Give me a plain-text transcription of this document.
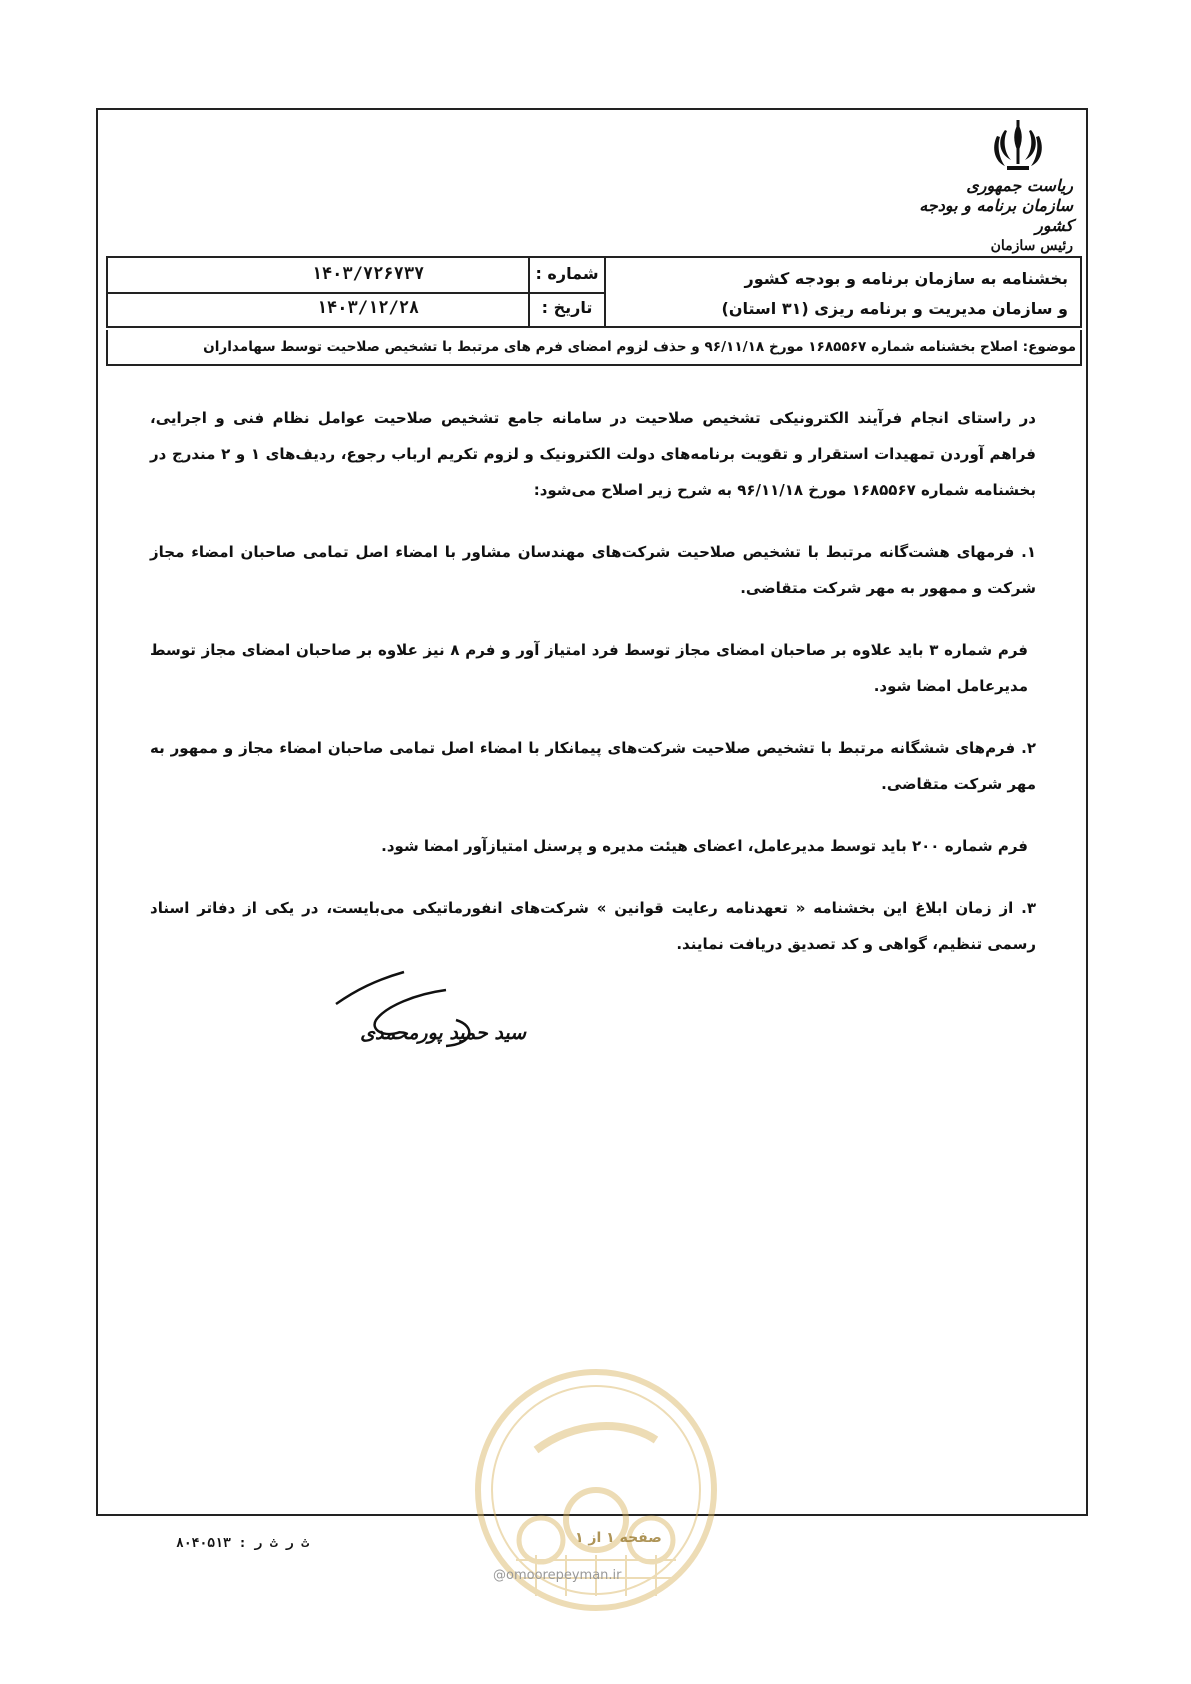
ریاست جمهوری
سازمان برنامه و بودجه کشور
رئیس سازمان
بخشنامه به سازمان برنامه و بودجه کشور
و سازمان مدیریت و برنامه ریزی (۳۱ استان)
شماره :
۱۴۰۳/۷۲۶۷۳۷
تاریخ :
۱۴۰۳/۱۲/۲۸
موضوع: اصلاح بخشنامه شماره ۱۶۸۵۵۶۷ مورخ ۹۶/۱۱/۱۸ و حذف لزوم امضای فرم های مرتبط با تشخیص صلاحیت توسط سهامداران

در راستای انجام فرآیند الکترونیکی تشخیص صلاحیت در سامانه جامع تشخیص صلاحیت عوامل نظام فنی و اجرایی، فراهم آوردن تمهیدات استقرار و تقویت برنامه‌های دولت الکترونیک و لزوم تکریم ارباب رجوع، ردیف‌های ۱ و ۲ مندرج در بخشنامه شماره ۱۶۸۵۵۶۷ مورخ ۹۶/۱۱/۱۸ به شرح زیر اصلاح می‌شود:

۱. فرمهای هشت‌گانه مرتبط با تشخیص صلاحیت شرکت‌های مهندسان مشاور با امضاء اصل تمامی صاحبان امضاء مجاز شرکت و ممهور به مهر شرکت متقاضی.

فرم شماره ۳ باید علاوه بر صاحبان امضای مجاز توسط فرد امتیاز آور و فرم ۸ نیز علاوه بر صاحبان امضای مجاز توسط مدیرعامل امضا شود.

۲. فرم‌های ششگانه مرتبط با تشخیص صلاحیت شرکت‌های پیمانکار با امضاء اصل تمامی صاحبان امضاء مجاز و ممهور به مهر شرکت متقاضی.

فرم شماره ۲۰۰ باید توسط مدیرعامل، اعضای هیئت مدیره و پرسنل امتیازآور امضا شود.

۳. از زمان ابلاغ این بخشنامه « تعهدنامه رعایت قوانین » شرکت‌های انفورماتیکی می‌بایست، در یکی از دفاتر اسناد رسمی تنظیم، گواهی و کد تصدیق دریافت نمایند.

سید حمید پورمحمدی
صفحه ۱ از ۱
ث ر ث ر : ۸۰۴۰۵۱۳
@omoorepeyman.ir
